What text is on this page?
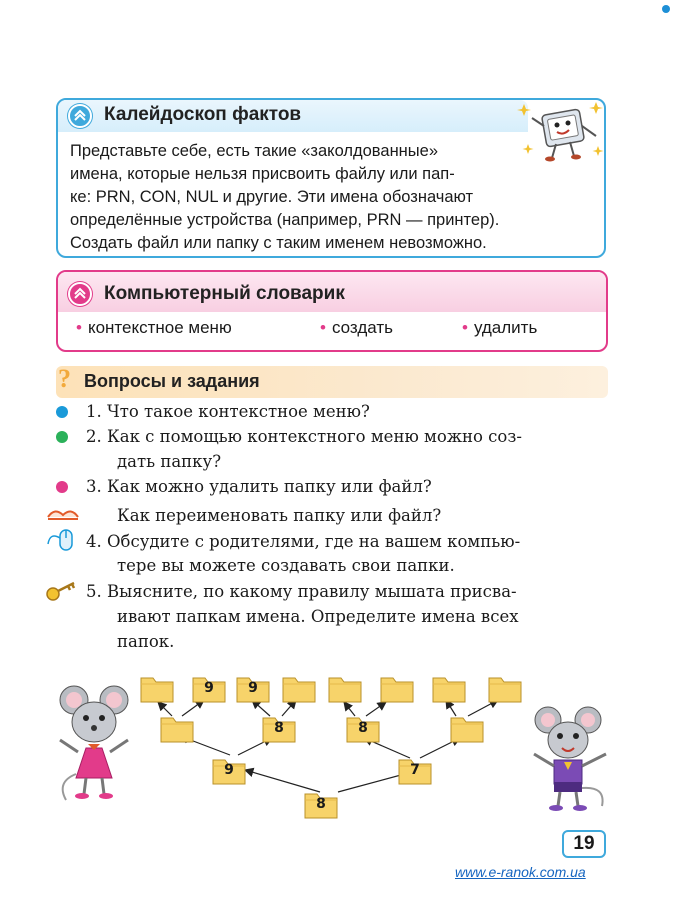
Калейдоскоп фактов
Представьте себе, есть такие «заколдованные»
имена, которые нельзя присвоить файлу или пап-
ке: PRN, CON, NUL и другие. Эти имена обозначают
определённые устройства (например, PRN — принтер).
Создать файл или папку с таким именем невозможно.
Компьютерный словарик
• контекстное меню	• создать	• удалить
? Вопросы и задания
1. Что такое контекстное меню?
2. Как с помощью контекстного меню можно соз-
дать папку?
3. Как можно удалить папку или файл?
Как переименовать папку или файл?
4. Обсудите с родителями, где на вашем компью-
тере вы можете создавать свои папки.
5. Выясните, по какому правилу мышата присва-
ивают папкам имена. Определите имена всех
папок.
9	9
8	8
9	7
8
19
www.e-ranok.com.ua
